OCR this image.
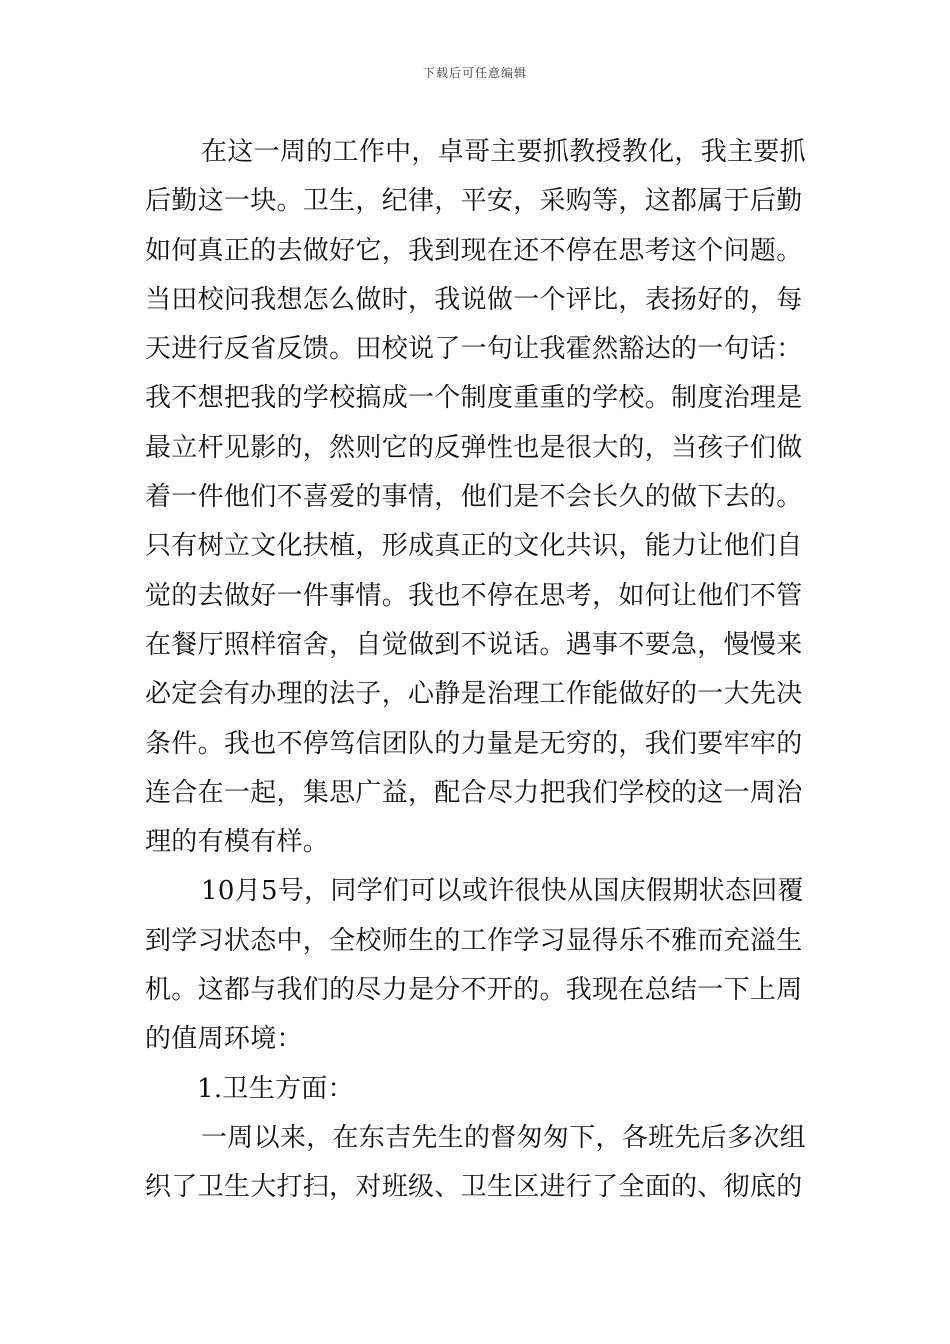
下载后可任意编辑
在这一周的工作中，卓哥主要抓教授教化，我主要抓
后勤这一块。卫生，纪律，平安，采购等，这都属于后勤
如何真正的去做好它，我到现在还不停在思考这个问题。
当田校问我想怎么做时，我说做一个评比，表扬好的，每
天进行反省反馈。田校说了一句让我霍然豁达的一句话：
我不想把我的学校搞成一个制度重重的学校。制度治理是
最立杆见影的，然则它的反弹性也是很大的，当孩子们做
着一件他们不喜爱的事情，他们是不会长久的做下去的。
只有树立文化扶植，形成真正的文化共识，能力让他们自
觉的去做好一件事情。我也不停在思考，如何让他们不管
在餐厅照样宿舍，自觉做到不说话。遇事不要急，慢慢来
必定会有办理的法子，心静是治理工作能做好的一大先决
条件。我也不停笃信团队的力量是无穷的，我们要牢牢的
连合在一起，集思广益，配合尽力把我们学校的这一周治
理的有模有样。
10月5号，同学们可以或许很快从国庆假期状态回覆
到学习状态中，全校师生的工作学习显得乐不雅而充溢生
机。这都与我们的尽力是分不开的。我现在总结一下上周
的值周环境：
1.卫生方面：
一周以来，在东吉先生的督匆匆下，各班先后多次组
织了卫生大打扫，对班级、卫生区进行了全面的、彻底的
